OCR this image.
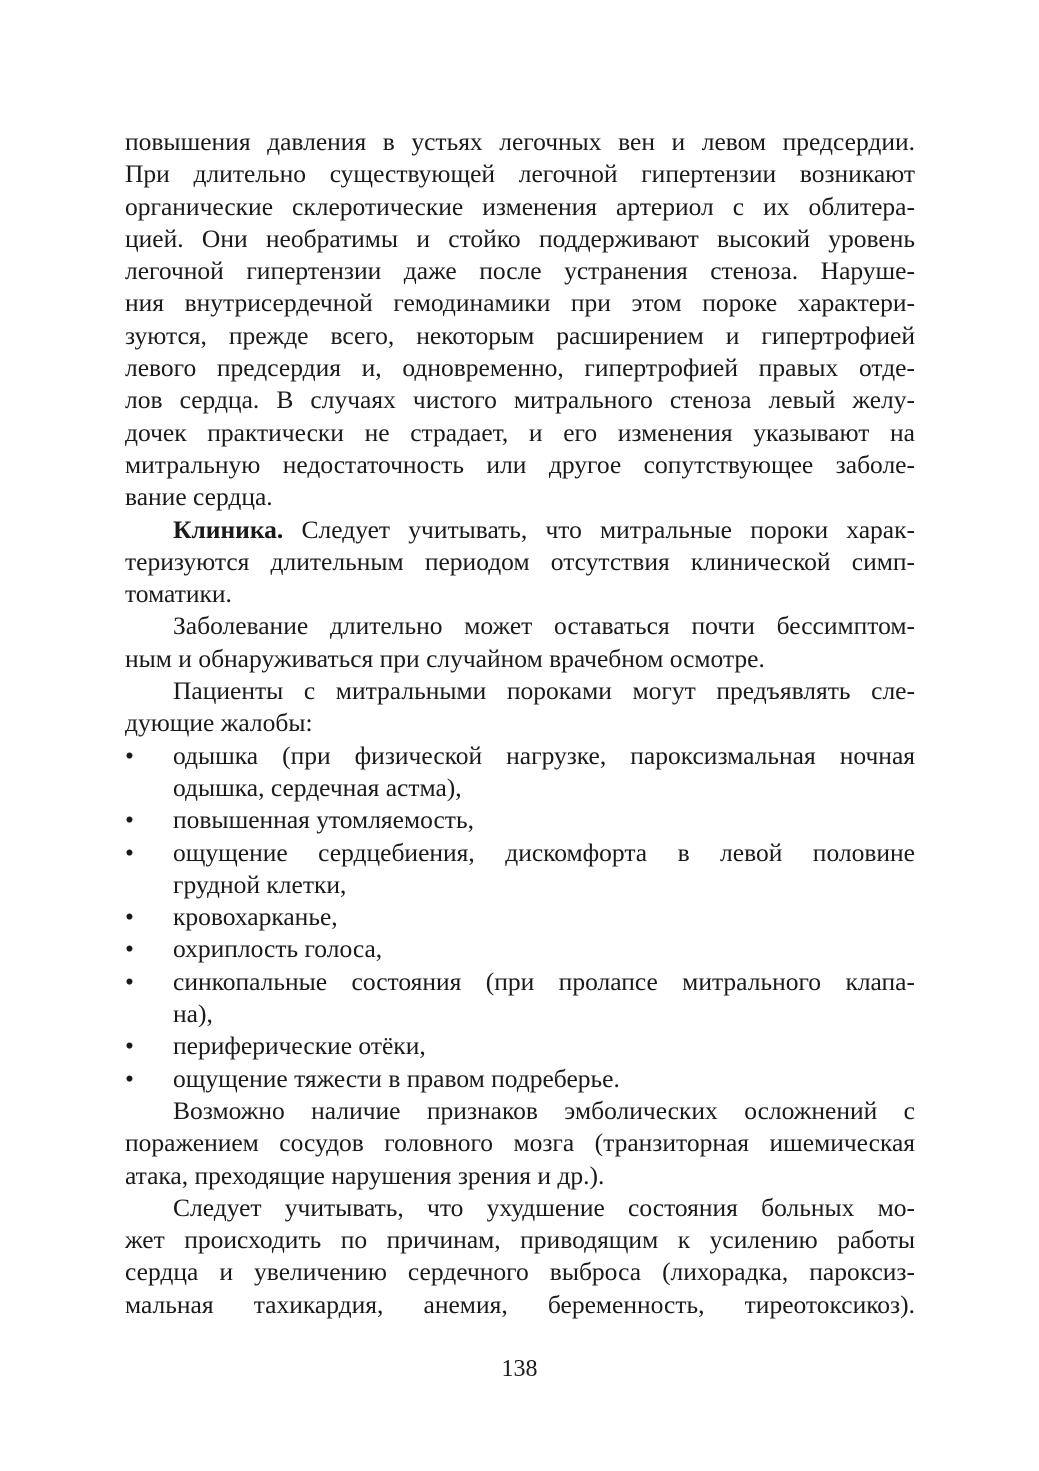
повышения давления в устьях легочных вен и левом предсердии.
При длительно существующей легочной гипертензии возникают
органические склеротические изменения артериол с их облитера-
цией. Они необратимы и стойко поддерживают высокий уровень
легочной гипертензии даже после устранения стеноза. Наруше-
ния внутрисердечной гемодинамики при этом пороке характери-
зуются, прежде всего, некоторым расширением и гипертрофией
левого предсердия и, одновременно, гипертрофией правых отде-
лов сердца. В случаях чистого митрального стеноза левый желу-
дочек практически не страдает, и его изменения указывают на
митральную недостаточность или другое сопутствующее заболе-
вание сердца.
Клиника. Следует учитывать, что митральные пороки харак-
теризуются длительным периодом отсутствия клинической симп-
томатики.
Заболевание длительно может оставаться почти бессимптом-
ным и обнаруживаться при случайном врачебном осмотре.
Пациенты с митральными пороками могут предъявлять сле-
дующие жалобы:
• одышка (при физической нагрузке, пароксизмальная ночная
одышка, сердечная астма),
• повышенная утомляемость,
• ощущение сердцебиения, дискомфорта в левой половине
грудной клетки,
• кровохарканье,
• охриплость голоса,
• синкопальные состояния (при пролапсе митрального клапа-
на),
• периферические отёки,
• ощущение тяжести в правом подреберье.
Возможно наличие признаков эмболических осложнений с
поражением сосудов головного мозга (транзиторная ишемическая
атака, преходящие нарушения зрения и др.).
Следует учитывать, что ухудшение состояния больных мо-
жет происходить по причинам, приводящим к усилению работы
сердца и увеличению сердечного выброса (лихорадка, пароксиз-
мальная тахикардия, анемия, беременность, тиреотоксикоз).
138
